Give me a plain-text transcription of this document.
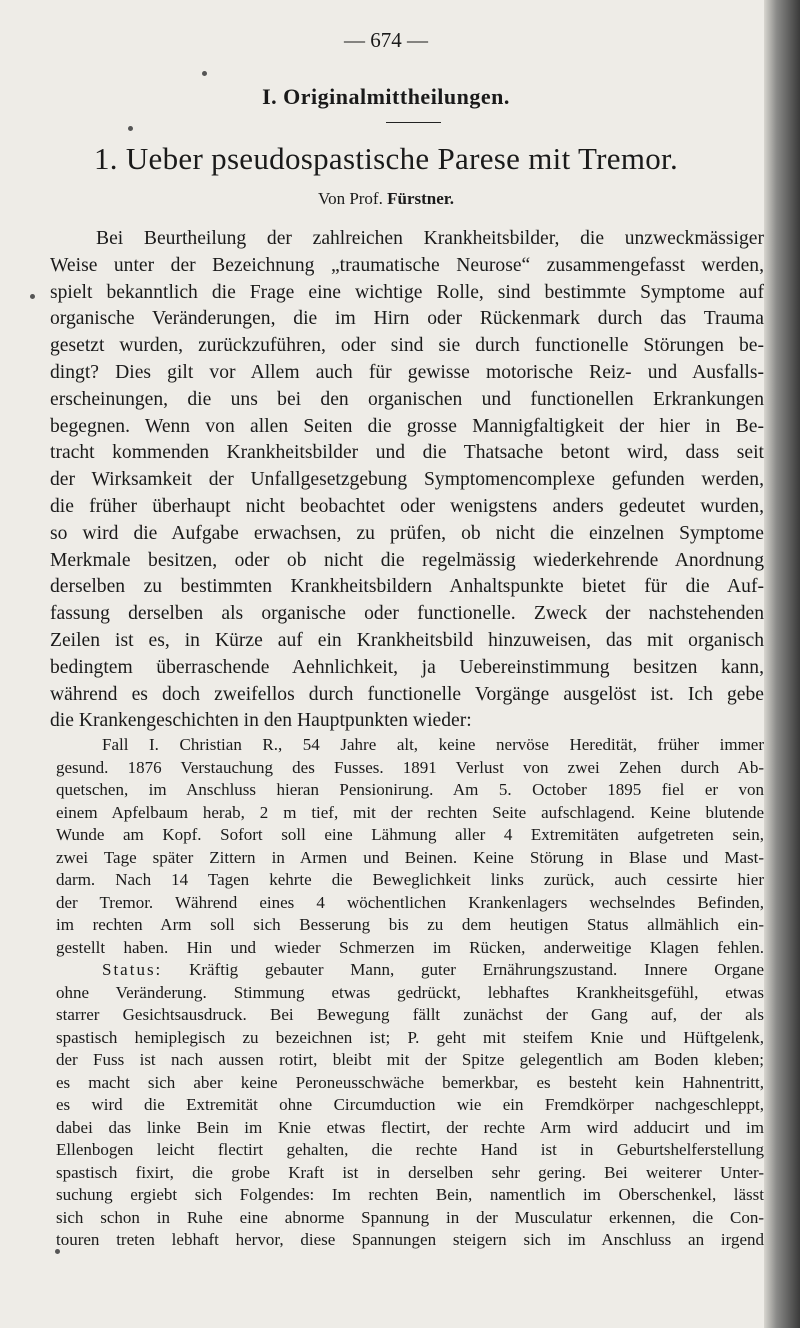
— 674 —
I. Originalmittheilungen.
1. Ueber pseudospastische Parese mit Tremor.
Von Prof. Fürstner.
Bei Beurtheilung der zahlreichen Krankheitsbilder, die unzweckmässiger
Weise unter der Bezeichnung „traumatische Neurose“ zusammengefasst werden,
spielt bekanntlich die Frage eine wichtige Rolle, sind bestimmte Symptome auf
organische Veränderungen, die im Hirn oder Rückenmark durch das Trauma
gesetzt wurden, zurückzuführen, oder sind sie durch functionelle Störungen be-
dingt? Dies gilt vor Allem auch für gewisse motorische Reiz- und Ausfalls-
erscheinungen, die uns bei den organischen und functionellen Erkrankungen
begegnen. Wenn von allen Seiten die grosse Mannigfaltigkeit der hier in Be-
tracht kommenden Krankheitsbilder und die Thatsache betont wird, dass seit
der Wirksamkeit der Unfallgesetzgebung Symptomencomplexe gefunden werden,
die früher überhaupt nicht beobachtet oder wenigstens anders gedeutet wurden,
so wird die Aufgabe erwachsen, zu prüfen, ob nicht die einzelnen Symptome
Merkmale besitzen, oder ob nicht die regelmässig wiederkehrende Anordnung
derselben zu bestimmten Krankheitsbildern Anhaltspunkte bietet für die Auf-
fassung derselben als organische oder functionelle. Zweck der nachstehenden
Zeilen ist es, in Kürze auf ein Krankheitsbild hinzuweisen, das mit organisch
bedingtem überraschende Aehnlichkeit, ja Uebereinstimmung besitzen kann,
während es doch zweifellos durch functionelle Vorgänge ausgelöst ist. Ich gebe
die Krankengeschichten in den Hauptpunkten wieder:
Fall I. Christian R., 54 Jahre alt, keine nervöse Heredität, früher immer
gesund. 1876 Verstauchung des Fusses. 1891 Verlust von zwei Zehen durch Ab-
quetschen, im Anschluss hieran Pensionirung. Am 5. October 1895 fiel er von
einem Apfelbaum herab, 2 m tief, mit der rechten Seite aufschlagend. Keine blutende
Wunde am Kopf. Sofort soll eine Lähmung aller 4 Extremitäten aufgetreten sein,
zwei Tage später Zittern in Armen und Beinen. Keine Störung in Blase und Mast-
darm. Nach 14 Tagen kehrte die Beweglichkeit links zurück, auch cessirte hier
der Tremor. Während eines 4 wöchentlichen Krankenlagers wechselndes Befinden,
im rechten Arm soll sich Besserung bis zu dem heutigen Status allmählich ein-
gestellt haben. Hin und wieder Schmerzen im Rücken, anderweitige Klagen fehlen.
Status: Kräftig gebauter Mann, guter Ernährungszustand. Innere Organe
ohne Veränderung. Stimmung etwas gedrückt, lebhaftes Krankheitsgefühl, etwas
starrer Gesichtsausdruck. Bei Bewegung fällt zunächst der Gang auf, der als
spastisch hemiplegisch zu bezeichnen ist; P. geht mit steifem Knie und Hüftgelenk,
der Fuss ist nach aussen rotirt, bleibt mit der Spitze gelegentlich am Boden kleben;
es macht sich aber keine Peroneusschwäche bemerkbar, es besteht kein Hahnentritt,
es wird die Extremität ohne Circumduction wie ein Fremdkörper nachgeschleppt,
dabei das linke Bein im Knie etwas flectirt, der rechte Arm wird adducirt und im
Ellenbogen leicht flectirt gehalten, die rechte Hand ist in Geburtshelferstellung
spastisch fixirt, die grobe Kraft ist in derselben sehr gering. Bei weiterer Unter-
suchung ergiebt sich Folgendes: Im rechten Bein, namentlich im Oberschenkel, lässt
sich schon in Ruhe eine abnorme Spannung in der Musculatur erkennen, die Con-
touren treten lebhaft hervor, diese Spannungen steigern sich im Anschluss an irgend
